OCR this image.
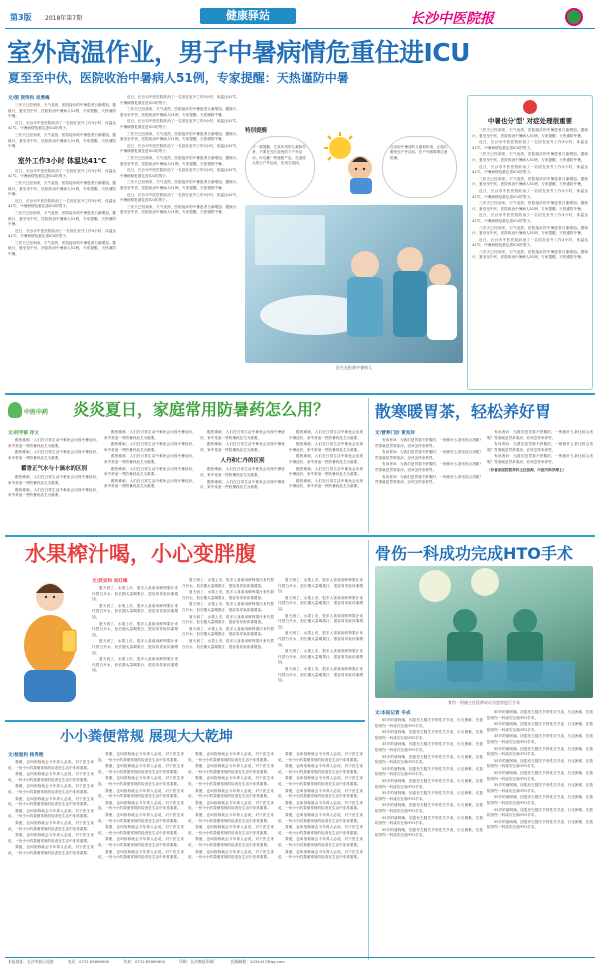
第3版 2018年第7期	健康驿站	长沙中医院报
室外高温作业，男子中暑病情危重住进ICU
夏至至中伏，医院收治中暑病人51例，专家提醒：天热谨防中暑
文/图 贺传科 吴勇梅

三伏天已经到来，天气炎热，医院接诊的中暑患者日渐增加。据统计，夏至至中伏，医院收治中暑病人51例，专家提醒，天热谨防中暑。

近日，长沙市中医医院收治了一名因在室外工作3小时，体温达41℃，中暑病情危重住进ICU的男子。

三伏天已经到来，天气炎热，医院接诊的中暑患者日渐增加。据统计，夏至至中伏，医院收治中暑病人51例，专家提醒，天热谨防中暑。

室外工作3小时 体温达41℃

近日，长沙市中医医院收治了一名因在室外工作3小时，体温达41℃，中暑病情危重住进ICU的男子。

三伏天已经到来，天气炎热，医院接诊的中暑患者日渐增加。据统计，夏至至中伏，医院收治中暑病人51例，专家提醒，天热谨防中暑。

近日，长沙市中医医院收治了一名因在室外工作3小时，体温达41℃，中暑病情危重住进ICU的男子。

三伏天已经到来，天气炎热，医院接诊的中暑患者日渐增加。据统计，夏至至中伏，医院收治中暑病人51例，专家提醒，天热谨防中暑。

近日，长沙市中医医院收治了一名因在室外工作3小时，体温达41℃，中暑病情危重住进ICU的男子。

三伏天已经到来，天气炎热，医院接诊的中暑患者日渐增加。据统计，夏至至中伏，医院收治中暑病人51例，专家提醒，天热谨防中暑。

近日，长沙市中医医院收治了一名因在室外工作3小时，体温达41℃，中暑病情危重住进ICU的男子。

三伏天已经到来，天气炎热，医院接诊的中暑患者日渐增加。据统计，夏至至中伏，医院收治中暑病人51例，专家提醒，天热谨防中暑。

近日，长沙市中医医院收治了一名因在室外工作3小时，体温达41℃，中暑病情危重住进ICU的男子。

三伏天已经到来，天气炎热，医院接诊的中暑患者日渐增加。据统计，夏至至中伏，医院收治中暑病人51例，专家提醒，天热谨防中暑。

近日，长沙市中医医院收治了一名因在室外工作3小时，体温达41℃，中暑病情危重住进ICU的男子。

三伏天已经到来，天气炎热，医院接诊的中暑患者日渐增加。据统计，夏至至中伏，医院收治中暑病人51例，专家提醒，天热谨防中暑。

近日，长沙市中医医院收治了一名因在室外工作3小时，体温达41℃，中暑病情危重住进ICU的男子。

三伏天已经到来，天气炎热，医院接诊的中暑患者日渐增加。据统计，夏至至中伏，医院收治中暑病人51例，专家提醒，天热谨防中暑。

近日，长沙市中医医院收治了一名因在室外工作3小时，体温达41℃，中暑病情危重住进ICU的男子。

三伏天已经到来，天气炎热，医院接诊的中暑患者日渐增加。据统计，夏至至中伏，医院收治中暑病人51例，专家提醒，天热谨防中暑。

特别提醒
许一要提醒，尤其年幼的儿童和伤者，不要在烈日炎热的下户外活动，可以戴一些遮阳产品，在湿度大的天户外运动，应适当选择。
在出现中暑前的儿童和伤者，让他们避免在户外活动，在户外做事要注意防暑。
医生在抢救中暑病人
中暑也分'型' 对症处理很重要

三伏天已经到来，天气炎热，医院接诊的中暑患者日渐增加。据统计，夏至至中伏，医院收治中暑病人51例，专家提醒，天热谨防中暑。

近日，长沙市中医医院收治了一名因在室外工作3小时，体温达41℃，中暑病情危重住进ICU的男子。

三伏天已经到来，天气炎热，医院接诊的中暑患者日渐增加。据统计，夏至至中伏，医院收治中暑病人51例，专家提醒，天热谨防中暑。

近日，长沙市中医医院收治了一名因在室外工作3小时，体温达41℃，中暑病情危重住进ICU的男子。

三伏天已经到来，天气炎热，医院接诊的中暑患者日渐增加。据统计，夏至至中伏，医院收治中暑病人51例，专家提醒，天热谨防中暑。

近日，长沙市中医医院收治了一名因在室外工作3小时，体温达41℃，中暑病情危重住进ICU的男子。

三伏天已经到来，天气炎热，医院接诊的中暑患者日渐增加。据统计，夏至至中伏，医院收治中暑病人51例，专家提醒，天热谨防中暑。

近日，长沙市中医医院收治了一名因在室外工作3小时，体温达41℃，中暑病情危重住进ICU的男子。

三伏天已经到来，天气炎热，医院接诊的中暑患者日渐增加。据统计，夏至至中伏，医院收治中暑病人51例，专家提醒，天热谨防中暑。

近日，长沙市中医医院收治了一名因在室外工作3小时，体温达41℃，中暑病情危重住进ICU的男子。

三伏天已经到来，天气炎热，医院接诊的中暑患者日渐增加。据统计，夏至至中伏，医院收治中暑病人51例，专家提醒，天热谨防中暑。

中医中药 炎炎夏日，家庭常用防暑药怎么用？
文/药学部 洋文

酷热难耐，人们在日常生活中难免会出现中暑症状，家中常备一些防暑药品尤为重要。

酷热难耐，人们在日常生活中难免会出现中暑症状，家中常备一些防暑药品尤为重要。

藿香正气水与十滴水的区别

酷热难耐，人们在日常生活中难免会出现中暑症状，家中常备一些防暑药品尤为重要。

酷热难耐，人们在日常生活中难免会出现中暑症状，家中常备一些防暑药品尤为重要。

酷热难耐，人们在日常生活中难免会出现中暑症状，家中常备一些防暑药品尤为重要。

酷热难耐，人们在日常生活中难免会出现中暑症状，家中常备一些防暑药品尤为重要。

酷热难耐，人们在日常生活中难免会出现中暑症状，家中常备一些防暑药品尤为重要。

酷热难耐，人们在日常生活中难免会出现中暑症状，家中常备一些防暑药品尤为重要。

酷热难耐，人们在日常生活中难免会出现中暑症状，家中常备一些防暑药品尤为重要。

酷热难耐，人们在日常生活中难免会出现中暑症状，家中常备一些防暑药品尤为重要。

酷热难耐，人们在日常生活中难免会出现中暑症状，家中常备一些防暑药品尤为重要。

人丹和仁丹的区别

酷热难耐，人们在日常生活中难免会出现中暑症状，家中常备一些防暑药品尤为重要。

酷热难耐，人们在日常生活中难免会出现中暑症状，家中常备一些防暑药品尤为重要。

酷热难耐，人们在日常生活中难免会出现中暑症状，家中常备一些防暑药品尤为重要。

酷热难耐，人们在日常生活中难免会出现中暑症状，家中常备一些防暑药品尤为重要。

酷热难耐，人们在日常生活中难免会出现中暑症状，家中常备一些防暑药品尤为重要。

酷热难耐，人们在日常生活中难免会出现中暑症状，家中常备一些防暑药品尤为重要。

酷热难耐，人们在日常生活中难免会出现中暑症状，家中常备一些防暑药品尤为重要。

散寒暖胃茶，轻松养好胃
文/营养门诊 贺兆玲

有读者问：为我们是胃寒不舒服时，一般都什么茶比较合适呢？胃寒就是胃常寒凉，应该怎样来养胃。

有读者问：为我们是胃寒不舒服时，一般都什么茶比较合适呢？胃寒就是胃常寒凉，应该怎样来养胃。

有读者问：为我们是胃寒不舒服时，一般都什么茶比较合适呢？胃寒就是胃常寒凉，应该怎样来养胃。

有读者问：为我们是胃寒不舒服时，一般都什么茶比较合适呢？胃寒就是胃常寒凉，应该怎样来养胃。

有读者问：为我们是胃寒不舒服时，一般都什么茶比较合适呢？胃寒就是胃常寒凉，应该怎样来养胃。

有读者问：为我们是胃寒不舒服时，一般都什么茶比较合适呢？胃寒就是胃常寒凉，应该怎样来养胃。

有读者问：为我们是胃寒不舒服时，一般都什么茶比较合适呢？胃寒就是胃常寒凉，应该怎样来养胃。

（作者系医院营养科主任医师，中医内科学博士）
水果榨汁喝，小心变胖腹
文/武安科 吴红梅

夏天到了，水果上市，很多人喜欢用鲜榨果汁来代替白开水，但长期大量喝果汁，很容易导致体重增加。

夏天到了，水果上市，很多人喜欢用鲜榨果汁来代替白开水，但长期大量喝果汁，很容易导致体重增加。

夏天到了，水果上市，很多人喜欢用鲜榨果汁来代替白开水，但长期大量喝果汁，很容易导致体重增加。

夏天到了，水果上市，很多人喜欢用鲜榨果汁来代替白开水，但长期大量喝果汁，很容易导致体重增加。

夏天到了，水果上市，很多人喜欢用鲜榨果汁来代替白开水，但长期大量喝果汁，很容易导致体重增加。

夏天到了，水果上市，很多人喜欢用鲜榨果汁来代替白开水，但长期大量喝果汁，很容易导致体重增加。

夏天到了，水果上市，很多人喜欢用鲜榨果汁来代替白开水，但长期大量喝果汁，很容易导致体重增加。

夏天到了，水果上市，很多人喜欢用鲜榨果汁来代替白开水，但长期大量喝果汁，很容易导致体重增加。

夏天到了，水果上市，很多人喜欢用鲜榨果汁来代替白开水，但长期大量喝果汁，很容易导致体重增加。

夏天到了，水果上市，很多人喜欢用鲜榨果汁来代替白开水，但长期大量喝果汁，很容易导致体重增加。

夏天到了，水果上市，很多人喜欢用鲜榨果汁来代替白开水，但长期大量喝果汁，很容易导致体重增加。

夏天到了，水果上市，很多人喜欢用鲜榨果汁来代替白开水，但长期大量喝果汁，很容易导致体重增加。

夏天到了，水果上市，很多人喜欢用鲜榨果汁来代替白开水，但长期大量喝果汁，很容易导致体重增加。

夏天到了，水果上市，很多人喜欢用鲜榨果汁来代替白开水，但长期大量喝果汁，很容易导致体重增加。

夏天到了，水果上市，很多人喜欢用鲜榨果汁来代替白开水，但长期大量喝果汁，很容易导致体重增加。

夏天到了，水果上市，很多人喜欢用鲜榨果汁来代替白开水，但长期大量喝果汁，很容易导致体重增加。

夏天到了，水果上市，很多人喜欢用鲜榨果汁来代替白开水，但长期大量喝果汁，很容易导致体重增加。

骨伤一科成功完成HTO手术
骨伤一科副主任医师成员为患者进行手术
文/本报记者 冬成

55岁的唐阿姨，因患有左膝关节骨性关节炎，行走困难，在我院骨伤一科成功完成HTO手术。

55岁的唐阿姨，因患有左膝关节骨性关节炎，行走困难，在我院骨伤一科成功完成HTO手术。

55岁的唐阿姨，因患有左膝关节骨性关节炎，行走困难，在我院骨伤一科成功完成HTO手术。

55岁的唐阿姨，因患有左膝关节骨性关节炎，行走困难，在我院骨伤一科成功完成HTO手术。

55岁的唐阿姨，因患有左膝关节骨性关节炎，行走困难，在我院骨伤一科成功完成HTO手术。

55岁的唐阿姨，因患有左膝关节骨性关节炎，行走困难，在我院骨伤一科成功完成HTO手术。

55岁的唐阿姨，因患有左膝关节骨性关节炎，行走困难，在我院骨伤一科成功完成HTO手术。

55岁的唐阿姨，因患有左膝关节骨性关节炎，行走困难，在我院骨伤一科成功完成HTO手术。

55岁的唐阿姨，因患有左膝关节骨性关节炎，行走困难，在我院骨伤一科成功完成HTO手术。

55岁的唐阿姨，因患有左膝关节骨性关节炎，行走困难，在我院骨伤一科成功完成HTO手术。

55岁的唐阿姨，因患有左膝关节骨性关节炎，行走困难，在我院骨伤一科成功完成HTO手术。

55岁的唐阿姨，因患有左膝关节骨性关节炎，行走困难，在我院骨伤一科成功完成HTO手术。

55岁的唐阿姨，因患有左膝关节骨性关节炎，行走困难，在我院骨伤一科成功完成HTO手术。

55岁的唐阿姨，因患有左膝关节骨性关节炎，行走困难，在我院骨伤一科成功完成HTO手术。

55岁的唐阿姨，因患有左膝关节骨性关节炎，行走困难，在我院骨伤一科成功完成HTO手术。

55岁的唐阿姨，因患有左膝关节骨性关节炎，行走困难，在我院骨伤一科成功完成HTO手术。

55岁的唐阿姨，因患有左膝关节骨性关节炎，行走困难，在我院骨伤一科成功完成HTO手术。

55岁的唐阿姨，因患有左膝关节骨性关节炎，行走困难，在我院骨伤一科成功完成HTO手术。

55岁的唐阿姨，因患有左膝关节骨性关节炎，行走困难，在我院骨伤一科成功完成HTO手术。

55岁的唐阿姨，因患有左膝关节骨性关节炎，行走困难，在我院骨伤一科成功完成HTO手术。

小小粪便常规 展现大大乾坤
文/检验科 杨秀艳

粪便，也叫俗称就会今年养人必说，对于医生来说，一份小小的粪便常规的检查在生活中非常重要。

粪便，也叫俗称就会今年养人必说，对于医生来说，一份小小的粪便常规的检查在生活中非常重要。

粪便，也叫俗称就会今年养人必说，对于医生来说，一份小小的粪便常规的检查在生活中非常重要。

粪便，也叫俗称就会今年养人必说，对于医生来说，一份小小的粪便常规的检查在生活中非常重要。

粪便，也叫俗称就会今年养人必说，对于医生来说，一份小小的粪便常规的检查在生活中非常重要。

粪便，也叫俗称就会今年养人必说，对于医生来说，一份小小的粪便常规的检查在生活中非常重要。

粪便，也叫俗称就会今年养人必说，对于医生来说，一份小小的粪便常规的检查在生活中非常重要。

粪便，也叫俗称就会今年养人必说，对于医生来说，一份小小的粪便常规的检查在生活中非常重要。

粪便，也叫俗称就会今年养人必说，对于医生来说，一份小小的粪便常规的检查在生活中非常重要。

粪便，也叫俗称就会今年养人必说，对于医生来说，一份小小的粪便常规的检查在生活中非常重要。

粪便，也叫俗称就会今年养人必说，对于医生来说，一份小小的粪便常规的检查在生活中非常重要。

粪便，也叫俗称就会今年养人必说，对于医生来说，一份小小的粪便常规的检查在生活中非常重要。

粪便，也叫俗称就会今年养人必说，对于医生来说，一份小小的粪便常规的检查在生活中非常重要。

粪便，也叫俗称就会今年养人必说，对于医生来说，一份小小的粪便常规的检查在生活中非常重要。

粪便，也叫俗称就会今年养人必说，对于医生来说，一份小小的粪便常规的检查在生活中非常重要。

粪便，也叫俗称就会今年养人必说，对于医生来说，一份小小的粪便常规的检查在生活中非常重要。

粪便，也叫俗称就会今年养人必说，对于医生来说，一份小小的粪便常规的检查在生活中非常重要。

粪便，也叫俗称就会今年养人必说，对于医生来说，一份小小的粪便常规的检查在生活中非常重要。

粪便，也叫俗称就会今年养人必说，对于医生来说，一份小小的粪便常规的检查在生活中非常重要。

粪便，也叫俗称就会今年养人必说，对于医生来说，一份小小的粪便常规的检查在生活中非常重要。

粪便，也叫俗称就会今年养人必说，对于医生来说，一份小小的粪便常规的检查在生活中非常重要。

粪便，也叫俗称就会今年养人必说，对于医生来说，一份小小的粪便常规的检查在生活中非常重要。

粪便，也叫俗称就会今年养人必说，对于医生来说，一份小小的粪便常规的检查在生活中非常重要。

粪便，也叫俗称就会今年养人必说，对于医生来说，一份小小的粪便常规的检查在生活中非常重要。

粪便，也叫俗称就会今年养人必说，对于医生来说，一份小小的粪便常规的检查在生活中非常重要。

粪便，也叫俗称就会今年养人必说，对于医生来说，一份小小的粪便常规的检查在生活中非常重要。

粪便，也叫俗称就会今年养人必说，对于医生来说，一份小小的粪便常规的检查在生活中非常重要。

粪便，也叫俗称就会今年养人必说，对于医生来说，一份小小的粪便常规的检查在生活中非常重要。

粪便，也叫俗称就会今年养人必说，对于医生来说，一份小小的粪便常规的检查在生活中非常重要。

粪便，也叫俗称就会今年养人必说，对于医生来说，一份小小的粪便常规的检查在生活中非常重要。

粪便，也叫俗称就会今年养人必说，对于医生来说，一份小小的粪便常规的检查在生活中非常重要。

粪便，也叫俗称就会今年养人必说，对于医生来说，一份小小的粪便常规的检查在生活中非常重要。

粪便，也叫俗称就会今年养人必说，对于医生来说，一份小小的粪便常规的检查在生活中非常重要。

粪便，也叫俗称就会今年养人必说，对于医生来说，一份小小的粪便常规的检查在生活中非常重要。

粪便，也叫俗称就会今年养人必说，对于医生来说，一份小小的粪便常规的检查在生活中非常重要。

本报地址：长沙市韶山北路	电话：0731-85869600	传真：0731-85869600	印刷：长沙晚报印刷厂	投稿邮箱：2434447@qq.com
